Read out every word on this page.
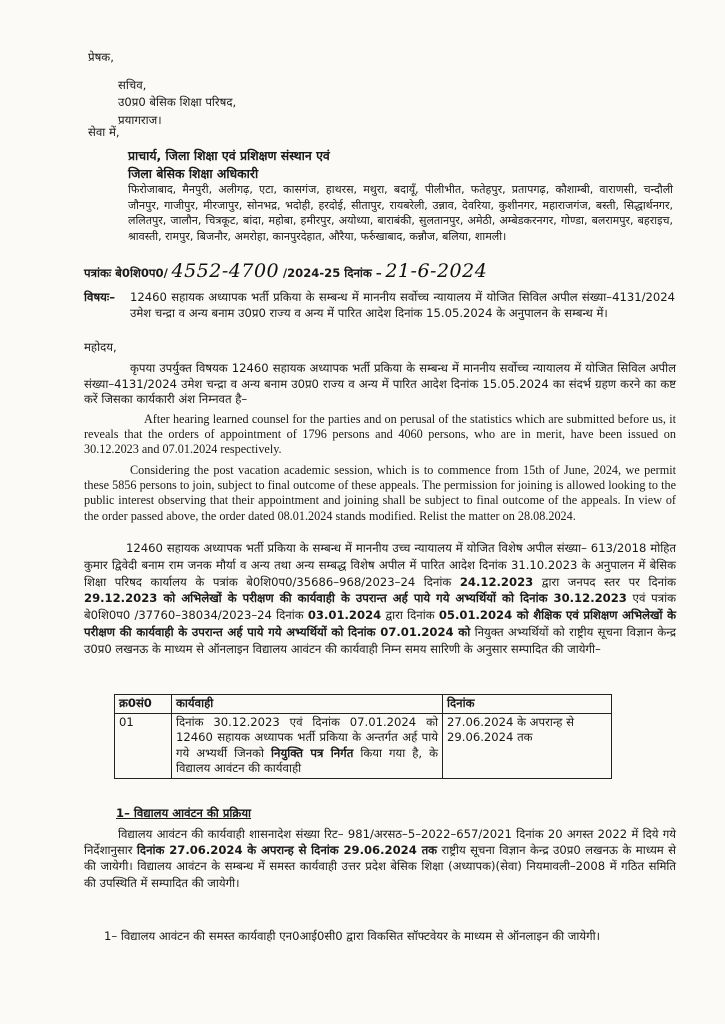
प्रेषक,

सचिव,

उ0प्र0 बेसिक शिक्षा परिषद,

प्रयागराज।

सेवा में,
प्राचार्य, जिला शिक्षा एवं प्रशिक्षण संस्थान एवं
जिला बेसिक शिक्षा अधिकारी
फिरोजाबाद, मैनपुरी, अलीगढ़, एटा, कासगंज, हाथरस, मथुरा, बदायूँ, पीलीभीत, फतेहपुर, प्रतापगढ़, कौशाम्बी, वाराणसी, चन्दौली जौनपुर, गाजीपुर, मीरजापुर, सोनभद्र, भदोही, हरदोई, सीतापुर, रायबरेली, उन्नाव, देवरिया, कुशीनगर, महाराजगंज, बस्ती, सिद्धार्थनगर, ललितपुर, जालौन, चित्रकूट, बांदा, महोबा, हमीरपुर, अयोध्या, बाराबंकी, सुलतानपुर, अमेठी, अम्बेडकरनगर, गोण्डा, बलरामपुर, बहराइच, श्रावस्ती, रामपुर, बिजनौर, अमरोहा, कानपुरदेहात, औरैया, फर्रुखाबाद, कन्नौज, बलिया, शामली।
पत्रांकः बे0शि0प0/ 4552-4700 /2024-25 दिनांक – 21-6-2024
विषयः– 12460 सहायक अध्यापक भर्ती प्रकिया के सम्बन्ध में माननीय सर्वोच्च न्यायालय में योजित सिविल अपील संख्या–4131/2024 उमेश चन्द्रा व अन्य बनाम उ0प्र0 राज्य व अन्य में पारित आदेश दिनांक 15.05.2024 के अनुपालन के सम्बन्ध में।
महोदय,
कृपया उपर्युक्त विषयक 12460 सहायक अध्यापक भर्ती प्रकिया के सम्बन्ध में माननीय सर्वोच्च न्यायालय में योजित सिविल अपील संख्या–4131/2024 उमेश चन्द्रा व अन्य बनाम उ0प्र0 राज्य व अन्य में पारित आदेश दिनांक 15.05.2024 का संदर्भ ग्रहण करने का कष्ट करें जिसका कार्यकारी अंश निम्नवत है–
After hearing learned counsel for the parties and on perusal of the statistics which are submitted before us, it reveals that the orders of appointment of 1796 persons and 4060 persons, who are in merit, have been issued on 30.12.2023 and 07.01.2024 respectively.
Considering the post vacation academic session, which is to commence from 15th of June, 2024, we permit these 5856 persons to join, subject to final outcome of these appeals. The permission for joining is allowed looking to the public interest observing that their appointment and joining shall be subject to final outcome of the appeals. In view of the order passed above, the order dated 08.01.2024 stands modified. Relist the matter on 28.08.2024.
12460 सहायक अध्यापक भर्ती प्रकिया के सम्बन्ध में माननीय उच्च न्यायालय में योजित विशेष अपील संख्या– 613/2018 मोहित कुमार द्विवेदी बनाम राम जनक मौर्या व अन्य तथा अन्य सम्बद्ध विशेष अपील में पारित आदेश दिनांक 31.10.2023 के अनुपालन में बेसिक शिक्षा परिषद कार्यालय के पत्रांक बे0शि0प0/35686–968/2023–24 दिनांक 24.12.2023 द्वारा जनपद स्तर पर दिनांक 29.12.2023 को अभिलेखों के परीक्षण की कार्यवाही के उपरान्त अर्ह पाये गये अभ्यर्थियों को दिनांक 30.12.2023 एवं पत्रांक बे0शि0प0 /37760–38034/2023–24 दिनांक 03.01.2024 द्वारा दिनांक 05.01.2024 को शैक्षिक एवं प्रशिक्षण अभिलेखों के परीक्षण की कार्यवाही के उपरान्त अर्ह पाये गये अभ्यर्थियों को दिनांक 07.01.2024 को नियुक्त अभ्यर्थियों को राष्ट्रीय सूचना विज्ञान केन्द्र उ0प्र0 लखनऊ के माध्यम से ऑनलाइन विद्यालय आवंटन की कार्यवाही निम्न समय सारिणी के अनुसार सम्पादित की जायेगी–
क्र0सं0	कार्यवाही	दिनांक
01	दिनांक 30.12.2023 एवं दिनांक 07.01.2024 को 12460 सहायक अध्यापक भर्ती प्रकिया के अन्तर्गत अर्ह पाये गये अभ्यर्थी जिनको नियुक्ति पत्र निर्गत किया गया है, के विद्यालय आवंटन की कार्यवाही	27.06.2024 के अपरान्ह से 29.06.2024 तक
1– विद्यालय आवंटन की प्रक्रिया
विद्यालय आवंटन की कार्यवाही शासनादेश संख्या रिट– 981/अरसठ–5–2022–657/2021 दिनांक 20 अगस्त 2022 में दिये गये निर्देशानुसार दिनांक 27.06.2024 के अपरान्ह से दिनांक 29.06.2024 तक राष्ट्रीय सूचना विज्ञान केन्द्र उ0प्र0 लखनऊ के माध्यम से की जायेगी। विद्यालय आवंटन के सम्बन्ध में समस्त कार्यवाही उत्तर प्रदेश बेसिक शिक्षा (अध्यापक)(सेवा) नियमावली–2008 में गठित समिति की उपस्थिति में सम्पादित की जायेगी।
1– विद्यालय आवंटन की समस्त कार्यवाही एन0आई0सी0 द्वारा विकसित सॉफ्टवेयर के माध्यम से ऑनलाइन की जायेगी।
